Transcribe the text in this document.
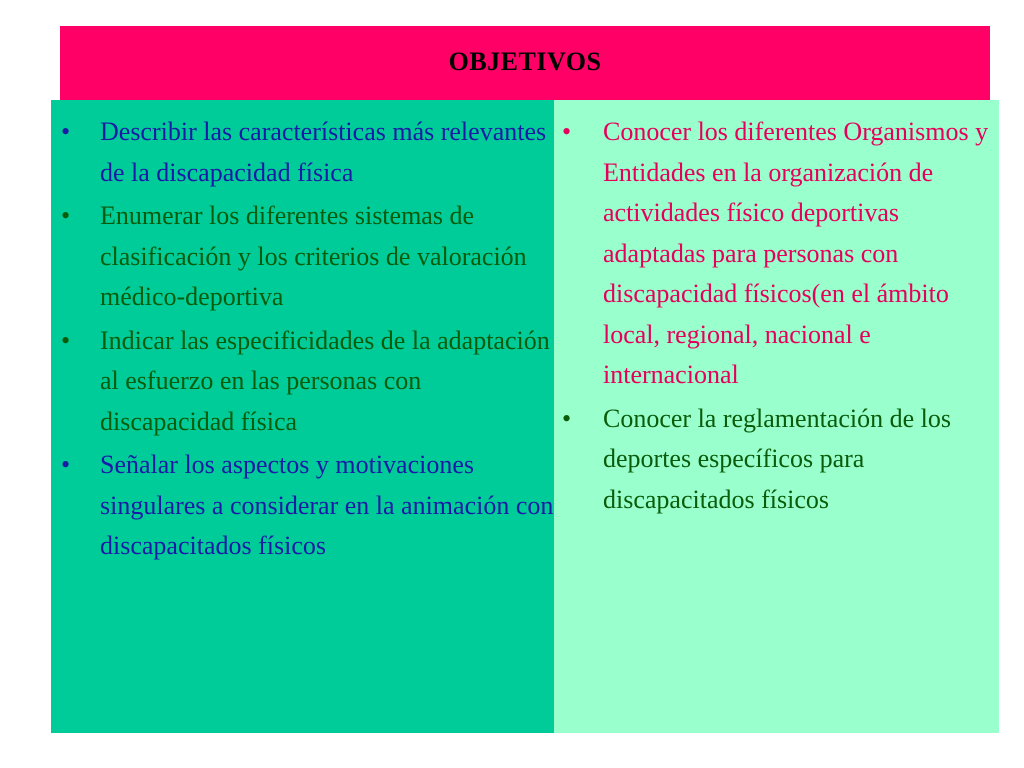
OBJETIVOS
•	Describir las características más relevantes de la discapacidad física
•	Enumerar los diferentes sistemas de clasificación y los criterios de valoración médico-deportiva
•	Indicar las especificidades de la adaptación al esfuerzo en las personas con discapacidad física
•	Señalar los aspectos y motivaciones singulares a considerar en la animación con discapacitados físicos
•	Conocer los diferentes Organismos y Entidades en la organización de actividades físico deportivas adaptadas para personas con discapacidad físicos(en el ámbito local, regional, nacional e internacional
•	Conocer la reglamentación de los deportes específicos para discapacitados físicos
